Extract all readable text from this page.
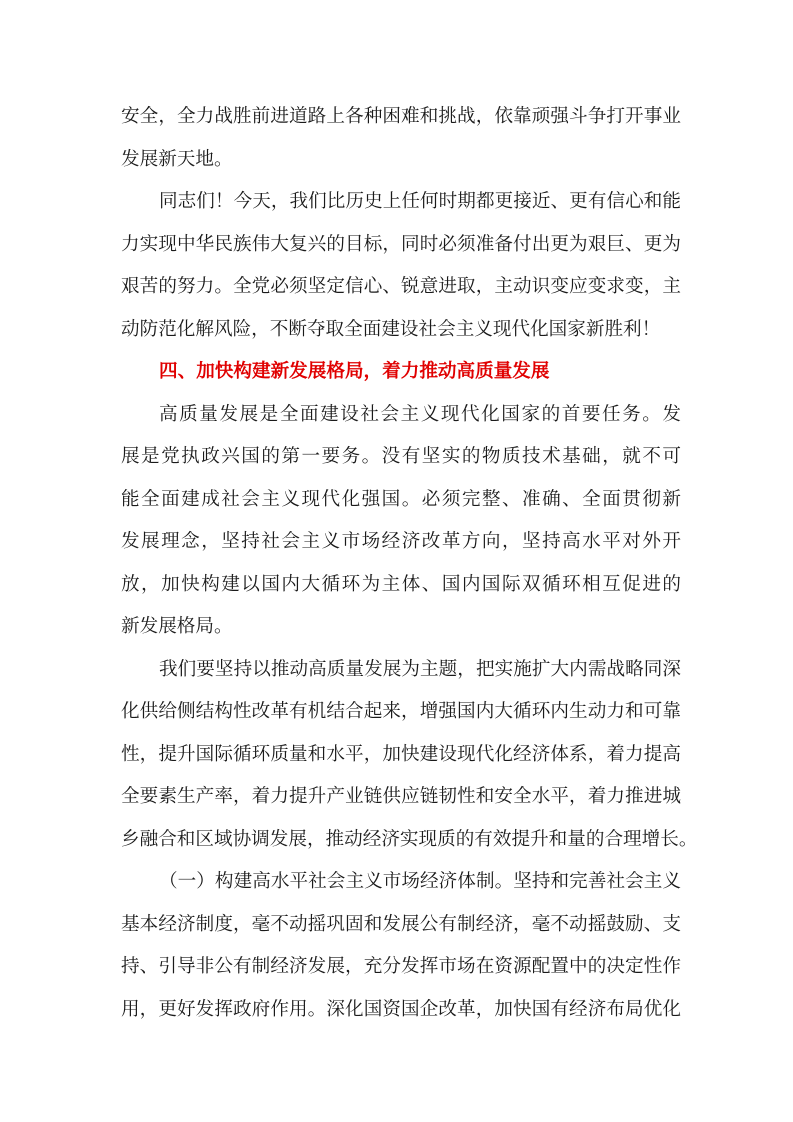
安全，全力战胜前进道路上各种困难和挑战，依靠顽强斗争打开事业
发展新天地。
同志们！今天，我们比历史上任何时期都更接近、更有信心和能
力实现中华民族伟大复兴的目标，同时必须准备付出更为艰巨、更为
艰苦的努力。全党必须坚定信心、锐意进取，主动识变应变求变，主
动防范化解风险，不断夺取全面建设社会主义现代化国家新胜利！
四、加快构建新发展格局，着力推动高质量发展
高质量发展是全面建设社会主义现代化国家的首要任务。发
展是党执政兴国的第一要务。没有坚实的物质技术基础，就不可
能全面建成社会主义现代化强国。必须完整、准确、全面贯彻新
发展理念，坚持社会主义市场经济改革方向，坚持高水平对外开
放，加快构建以国内大循环为主体、国内国际双循环相互促进的
新发展格局。
我们要坚持以推动高质量发展为主题，把实施扩大内需战略同深
化供给侧结构性改革有机结合起来，增强国内大循环内生动力和可靠
性，提升国际循环质量和水平，加快建设现代化经济体系，着力提高
全要素生产率，着力提升产业链供应链韧性和安全水平，着力推进城
乡融合和区域协调发展，推动经济实现质的有效提升和量的合理增长。
（一）构建高水平社会主义市场经济体制。坚持和完善社会主义
基本经济制度，毫不动摇巩固和发展公有制经济，毫不动摇鼓励、支
持、引导非公有制经济发展，充分发挥市场在资源配置中的决定性作
用，更好发挥政府作用。深化国资国企改革，加快国有经济布局优化
